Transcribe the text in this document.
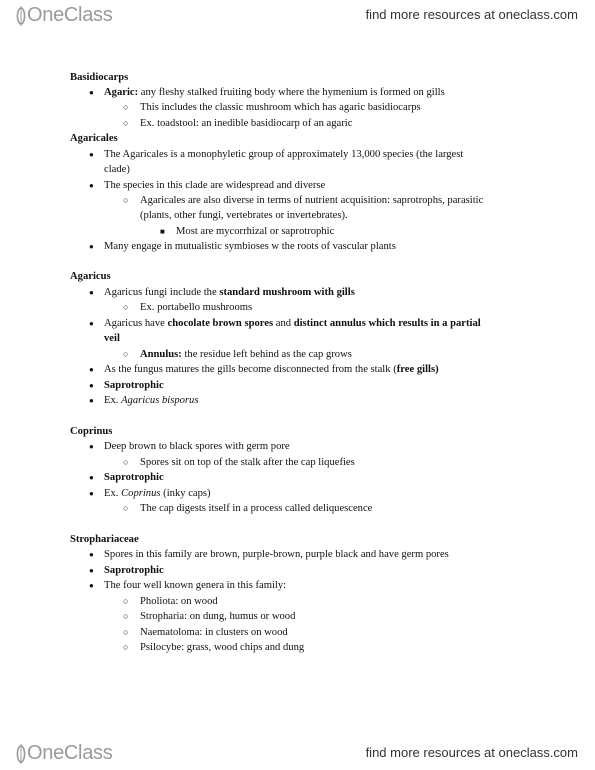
OneClass	find more resources at oneclass.com
Basidiocarps
● Agaric: any fleshy stalked fruiting body where the hymenium is formed on gills
○ This includes the classic mushroom which has agaric basidiocarps
○ Ex. toadstool: an inedible basidiocarp of an agaric
Agaricales
● The Agaricales is a monophyletic group of approximately 13,000 species (the largest
clade)
● The species in this clade are widespread and diverse
○ Agaricales are also diverse in terms of nutrient acquisition: saprotrophs, parasitic
(plants, other fungi, vertebrates or invertebrates).
■ Most are mycorrhizal or saprotrophic
● Many engage in mutualistic symbioses w the roots of vascular plants
Agaricus
● Agaricus fungi include the standard mushroom with gills
○ Ex. portabello mushrooms
● Agaricus have chocolate brown spores and distinct annulus which results in a partial
veil
○ Annulus: the residue left behind as the cap grows
● As the fungus matures the gills become disconnected from the stalk (free gills)
● Saprotrophic
● Ex. Agaricus bisporus
Coprinus
● Deep brown to black spores with germ pore
○ Spores sit on top of the stalk after the cap liquefies
● Saprotrophic
● Ex. Coprinus (inky caps)
○ The cap digests itself in a process called deliquescence
Strophariaceae
● Spores in this family are brown, purple-brown, purple black and have germ pores
● Saprotrophic
● The four well known genera in this family:
○ Pholiota: on wood
○ Stropharia: on dung, humus or wood
○ Naematoloma: in clusters on wood
○ Psilocybe: grass, wood chips and dung
OneClass	find more resources at oneclass.com
